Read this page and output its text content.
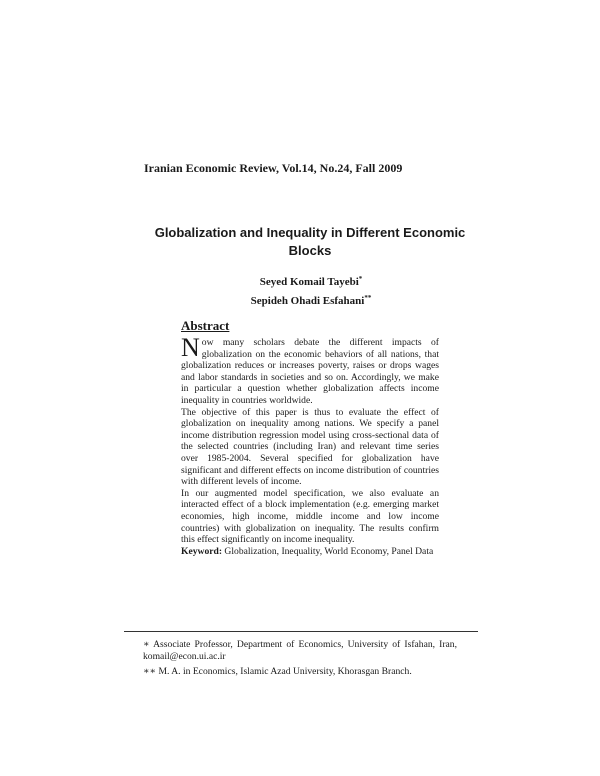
Iranian Economic Review, Vol.14, No.24, Fall 2009
Globalization and Inequality in Different Economic Blocks
Seyed Komail Tayebi*
Sepideh Ohadi Esfahani**
Abstract

Now many scholars debate the different impacts of globalization on the economic behaviors of all nations, that globalization reduces or increases poverty, raises or drops wages and labor standards in societies and so on. Accordingly, we make in particular a question whether globalization affects income inequality in countries worldwide.

The objective of this paper is thus to evaluate the effect of globalization on inequality among nations. We specify a panel income distribution regression model using cross-sectional data of the selected countries (including Iran) and relevant time series over 1985-2004. Several specified for globalization have significant and different effects on income distribution of countries with different levels of income.

In our augmented model specification, we also evaluate an interacted effect of a block implementation (e.g. emerging market economies, high income, middle income and low income countries) with globalization on inequality. The results confirm this effect significantly on income inequality.

Keyword: Globalization, Inequality, World Economy, Panel Data

∗ Associate Professor, Department of Economics, University of Isfahan, Iran, komail@econ.ui.ac.ir

∗∗ M. A. in Economics, Islamic Azad University, Khorasgan Branch.
